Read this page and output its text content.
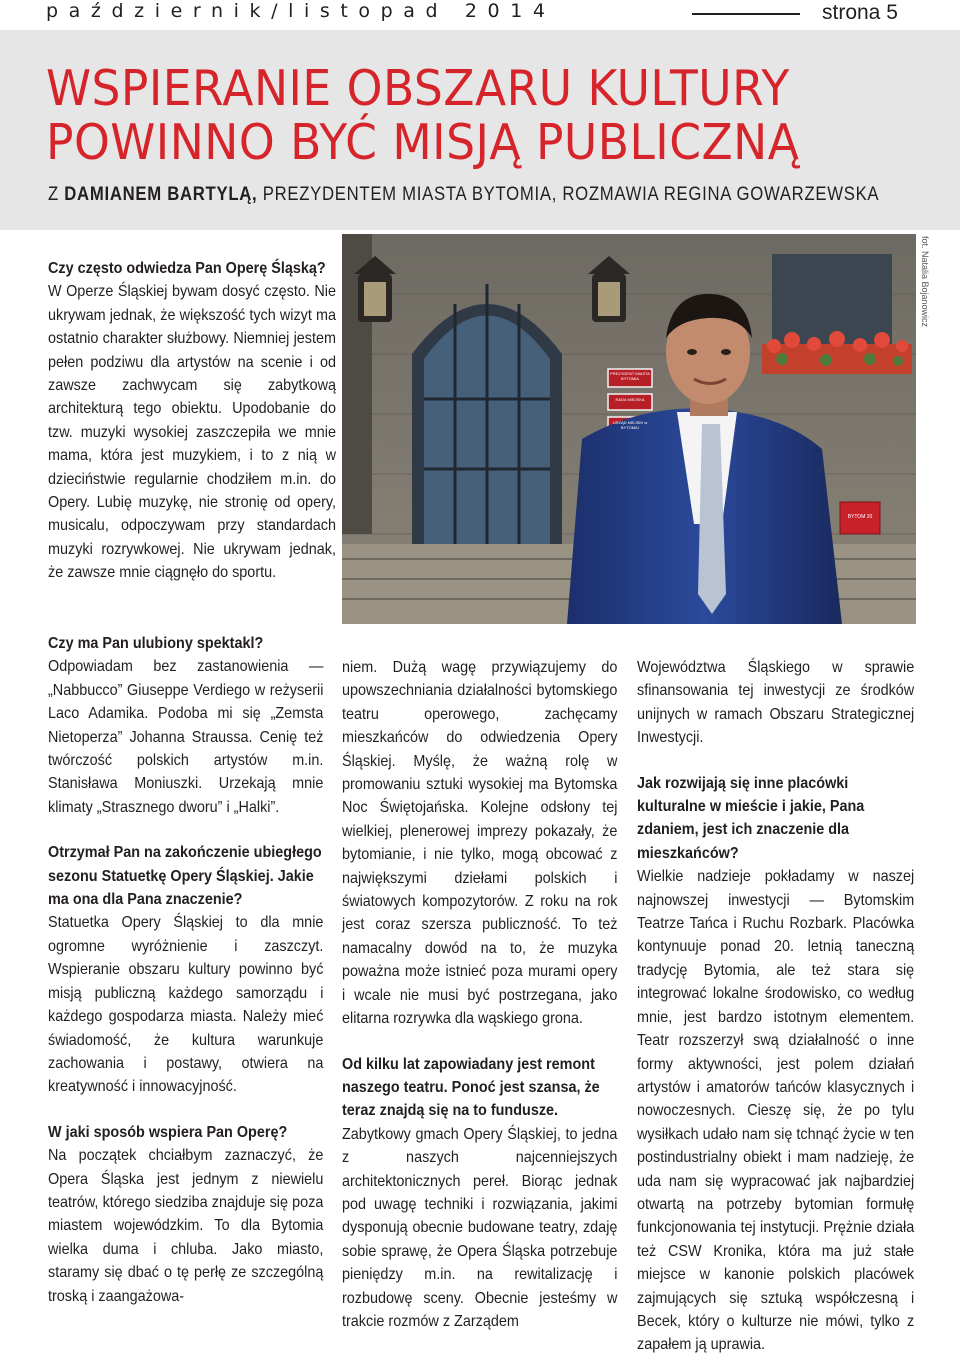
październik/listopad 2014	strona 5
WSPIERANIE OBSZARU KULTURY
POWINNO BYĆ MISJĄ PUBLICZNĄ
Z DAMIANEM BARTYLĄ, PREZYDENTEM MIASTA BYTOMIA, ROZMAWIA REGINA GOWARZEWSKA

Czy często odwiedza Pan Operę Śląską?

W Operze Śląskiej bywam dosyć często. Nie ukrywam jednak, że większość tych wizyt ma ostatnio charakter służbowy. Niemniej jestem pełen podziwu dla artystów na scenie i od zawsze zachwycam się zabytkową architekturą tego obiektu. Upodobanie do tzw. muzyki wysokiej zaszczepiła we mnie mama, która jest muzykiem, i to z nią w dzieciństwie regularnie chodziłem m.in. do Opery. Lubię muzykę, nie stronię od opery, musicalu, odpoczywam przy standardach muzyki rozrywkowej. Nie ukrywam jednak, że zawsze mnie ciągnęło do sportu.

PREZYDENT MIASTA BYTOMIA
RADA MIEJSKA
URZĄD MIEJSKI w BYTOMIU
BYTOM 20
fot. Natalia Bojanowicz

Czy ma Pan ulubiony spektakl?

Odpowiadam bez zastanowienia — „Nabbucco” Giuseppe Verdiego w reżyserii Laco Adamika. Podoba mi się „Zemsta Nietoperza” Johanna Straussa. Cenię też twórczość polskich artystów m.in. Stanisława Moniuszki. Urzekają mnie klimaty „Strasznego dworu” i „Halki”.

Otrzymał Pan na zakończenie ubiegłego sezonu Statuetkę Opery Śląskiej. Jakie ma ona dla Pana znaczenie?

Statuetka Opery Śląskiej to dla mnie ogromne wyróżnienie i zaszczyt. Wspieranie obszaru kultury powinno być misją publiczną każdego samorządu i każdego gospodarza miasta. Należy mieć świadomość, że kultura warunkuje zachowania i postawy, otwiera na kreatywność i innowacyjność.

W jaki sposób wspiera Pan Operę?

Na początek chciałbym zaznaczyć, że Opera Śląska jest jednym z niewielu teatrów, którego siedziba znajduje się poza miastem wojewódzkim. To dla Bytomia wielka duma i chluba. Jako miasto, staramy się dbać o tę perłę ze szczególną troską i zaangażowa-

niem. Dużą wagę przywiązujemy do upowszechniania działalności bytomskiego teatru operowego, zachęcamy mieszkańców do odwiedzenia Opery Śląskiej. Myślę, że ważną rolę w promowaniu sztuki wysokiej ma Bytomska Noc Świętojańska. Kolejne odsłony tej wielkiej, plenerowej imprezy pokazały, że bytomianie, i nie tylko, mogą obcować z największymi dziełami polskich i światowych kompozytorów. Z roku na rok jest coraz szersza publiczność. To też namacalny dowód na to, że muzyka poważna może istnieć poza murami opery i wcale nie musi być postrzegana, jako elitarna rozrywka dla wąskiego grona.

Od kilku lat zapowiadany jest remont naszego teatru. Ponoć jest szansa, że teraz znajdą się na to fundusze.

Zabytkowy gmach Opery Śląskiej, to jedna z naszych najcenniejszych architektonicznych pereł. Biorąc jednak pod uwagę techniki i rozwiązania, jakimi dysponują obecnie budowane teatry, zdaję sobie sprawę, że Opera Śląska potrzebuje pieniędzy m.in. na rewitalizację i rozbudowę sceny. Obecnie jesteśmy w trakcie rozmów z Zarządem

Województwa Śląskiego w sprawie sfinansowania tej inwestycji ze środków unijnych w ramach Obszaru Strategicznej Inwestycji.

Jak rozwijają się inne placówki kulturalne w mieście i jakie, Pana zdaniem, jest ich znaczenie dla mieszkańców?

Wielkie nadzieje pokładamy w naszej najnowszej inwestycji — Bytomskim Teatrze Tańca i Ruchu Rozbark. Placówka kontynuuje ponad 20. letnią taneczną tradycję Bytomia, ale też stara się integrować lokalne środowisko, co według mnie, jest bardzo istotnym elementem. Teatr rozszerzył swą działalność o inne formy aktywności, jest polem działań artystów i amatorów tańców klasycznych i nowoczesnych. Cieszę się, że po tylu wysiłkach udało nam się tchnąć życie w ten postindustrialny obiekt i mam nadzieję, że uda nam się wypracować jak najbardziej otwartą na potrzeby bytomian formułę funkcjonowania tej instytucji. Prężnie działa też CSW Kronika, która ma już stałe miejsce w kanonie polskich placówek zajmujących się sztuką współczesną i Becek, który o kulturze nie mówi, tylko z zapałem ją uprawia.
